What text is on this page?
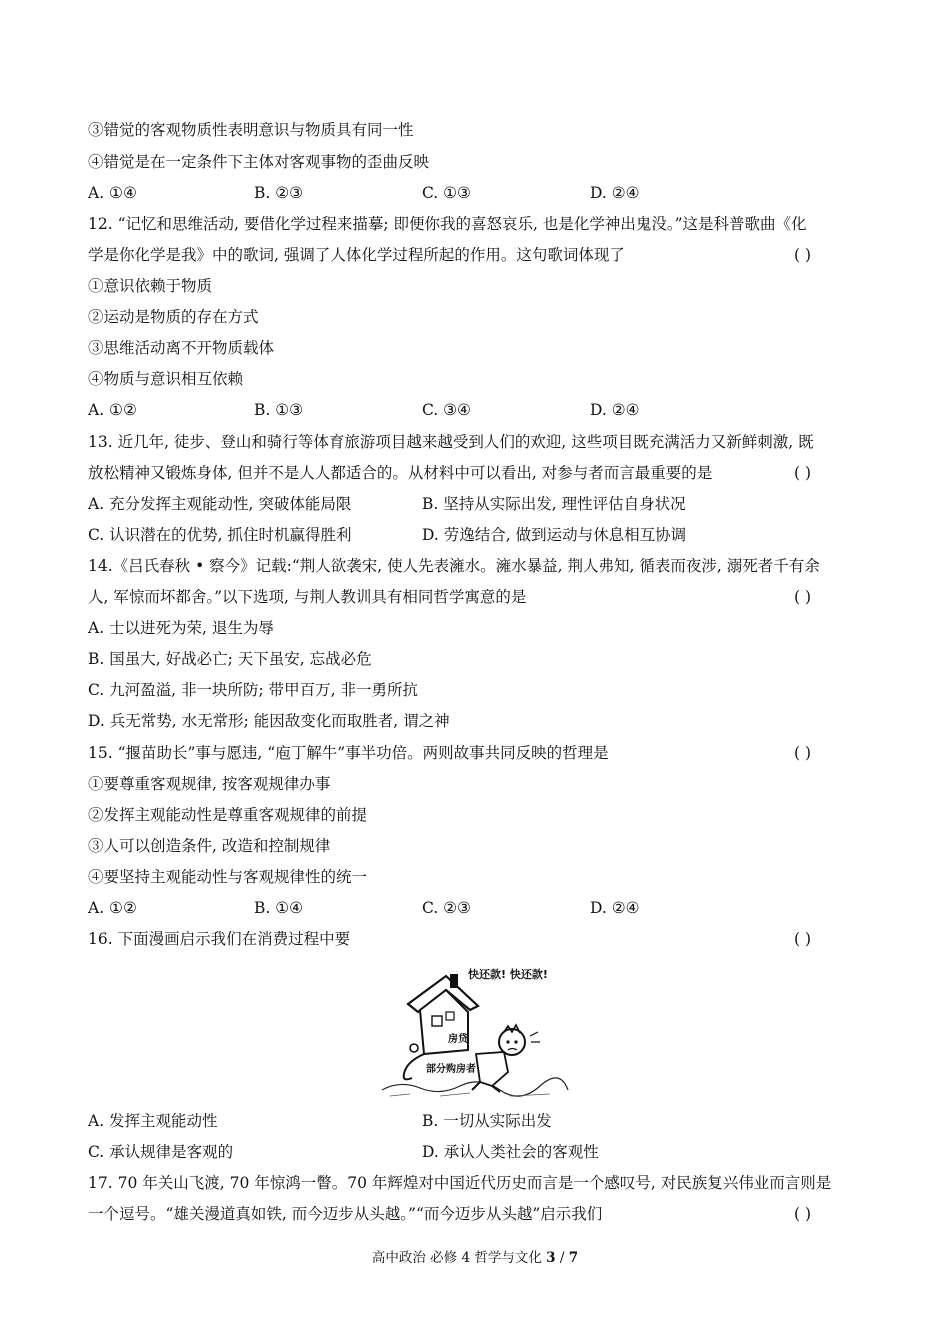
③错觉的客观物质性表明意识与物质具有同一性
④错觉是在一定条件下主体对客观事物的歪曲反映
A. ①④	B. ②③	C. ①③	D. ②④
12. “记忆和思维活动, 要借化学过程来描摹; 即便你我的喜怒哀乐, 也是化学神出鬼没。”这是科普歌曲《化
学是你化学是我》中的歌词, 强调了人体化学过程所起的作用。这句歌词体现了	( )
①意识依赖于物质
②运动是物质的存在方式
③思维活动离不开物质载体
④物质与意识相互依赖
A. ①②	B. ①③	C. ③④	D. ②④
13. 近几年, 徒步、登山和骑行等体育旅游项目越来越受到人们的欢迎, 这些项目既充满活力又新鲜刺激, 既
放松精神又锻炼身体, 但并不是人人都适合的。从材料中可以看出, 对参与者而言最重要的是	( )
A. 充分发挥主观能动性, 突破体能局限	B. 坚持从实际出发, 理性评估自身状况
C. 认识潜在的优势, 抓住时机赢得胜利	D. 劳逸结合, 做到运动与休息相互协调
14.《吕氏春秋 • 察今》记载:“荆人欲袭宋, 使人先表澭水。澭水暴益, 荆人弗知, 循表而夜涉, 溺死者千有余
人, 军惊而坏都舍。”以下选项, 与荆人教训具有相同哲学寓意的是	( )
A. 士以进死为荣, 退生为辱
B. 国虽大, 好战必亡; 天下虽安, 忘战必危
C. 九河盈溢, 非一块所防; 带甲百万, 非一勇所抗
D. 兵无常势, 水无常形; 能因敌变化而取胜者, 谓之神
15. “揠苗助长”事与愿违, “庖丁解牛”事半功倍。两则故事共同反映的哲理是	( )
①要尊重客观规律, 按客观规律办事
②发挥主观能动性是尊重客观规律的前提
③人可以创造条件, 改造和控制规律
④要坚持主观能动性与客观规律性的统一
A. ①②	B. ①④	C. ②③	D. ②④
16. 下面漫画启示我们在消费过程中要	( )
快还款! 快还款!
房贷
部分购房者
A. 发挥主观能动性	B. 一切从实际出发
C. 承认规律是客观的	D. 承认人类社会的客观性
17. 70 年关山飞渡, 70 年惊鸿一瞥。70 年辉煌对中国近代历史而言是一个感叹号, 对民族复兴伟业而言则是
一个逗号。“雄关漫道真如铁, 而今迈步从头越。”“而今迈步从头越”启示我们	( )
高中政治 必修 4 哲学与文化 3 / 7
